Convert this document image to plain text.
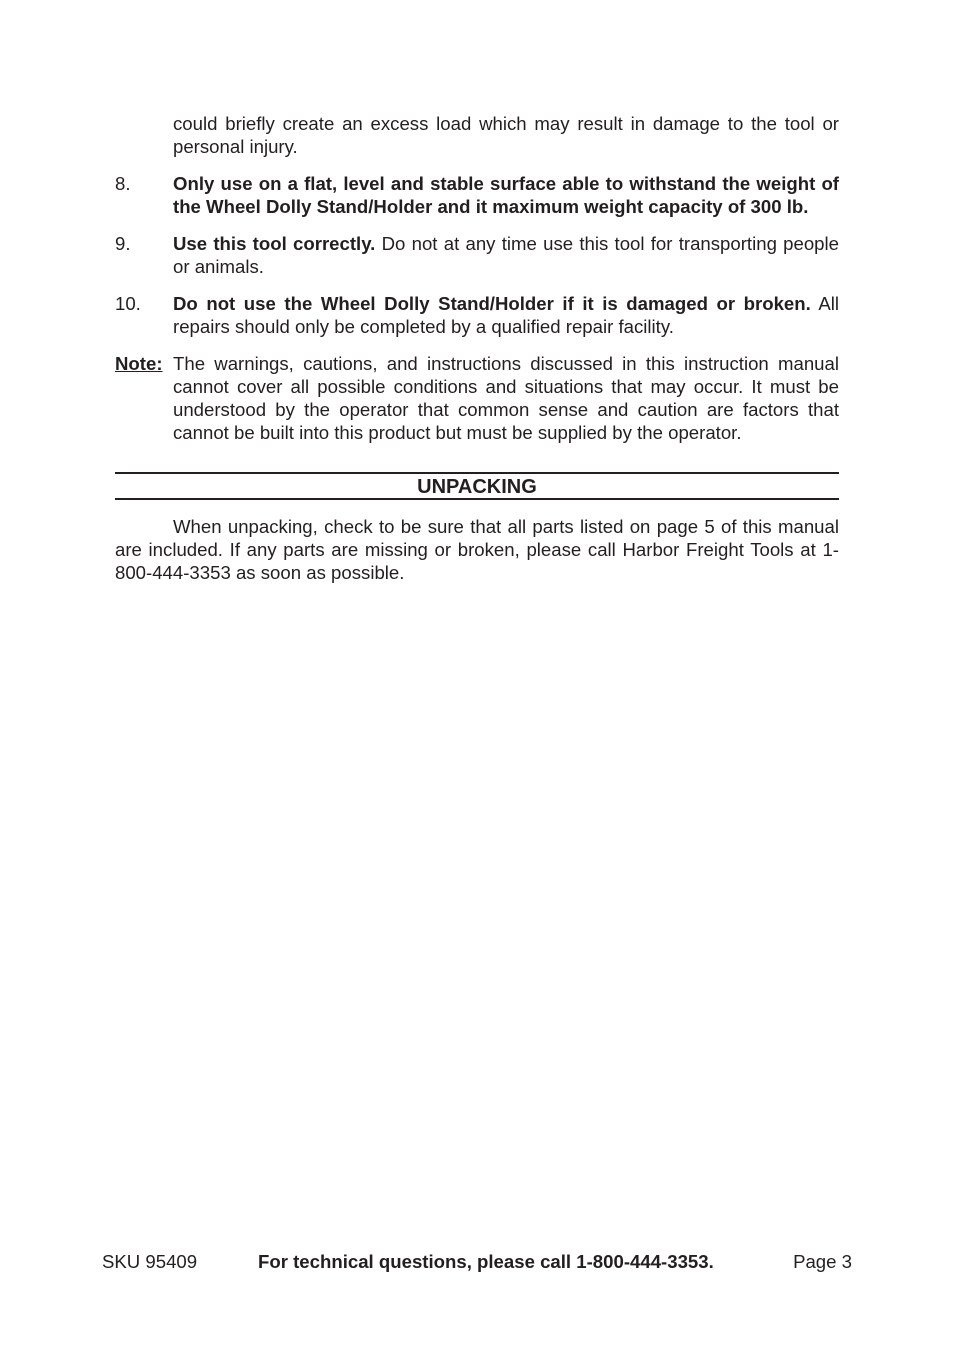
could briefly create an excess load which may result in damage to the tool or personal injury.
8.	Only use on a flat, level and stable surface able to withstand the weight of the Wheel Dolly Stand/Holder and it maximum weight capacity of 300 lb.
9.	Use this tool correctly. Do not at any time use this tool for transporting people or animals.
10.	Do not use the Wheel Dolly Stand/Holder if it is damaged or broken. All repairs should only be completed by a qualified repair facility.
Note: The warnings, cautions, and instructions discussed in this instruction manual cannot cover all possible conditions and situations that may occur. It must be understood by the operator that common sense and caution are factors that cannot be built into this product but must be supplied by the operator.
UNPACKING
When unpacking, check to be sure that all parts listed on page 5 of this manual are included. If any parts are missing or broken, please call Harbor Freight Tools at 1-800-444-3353 as soon as possible.
SKU 95409	For technical questions, please call 1-800-444-3353.	Page 3
